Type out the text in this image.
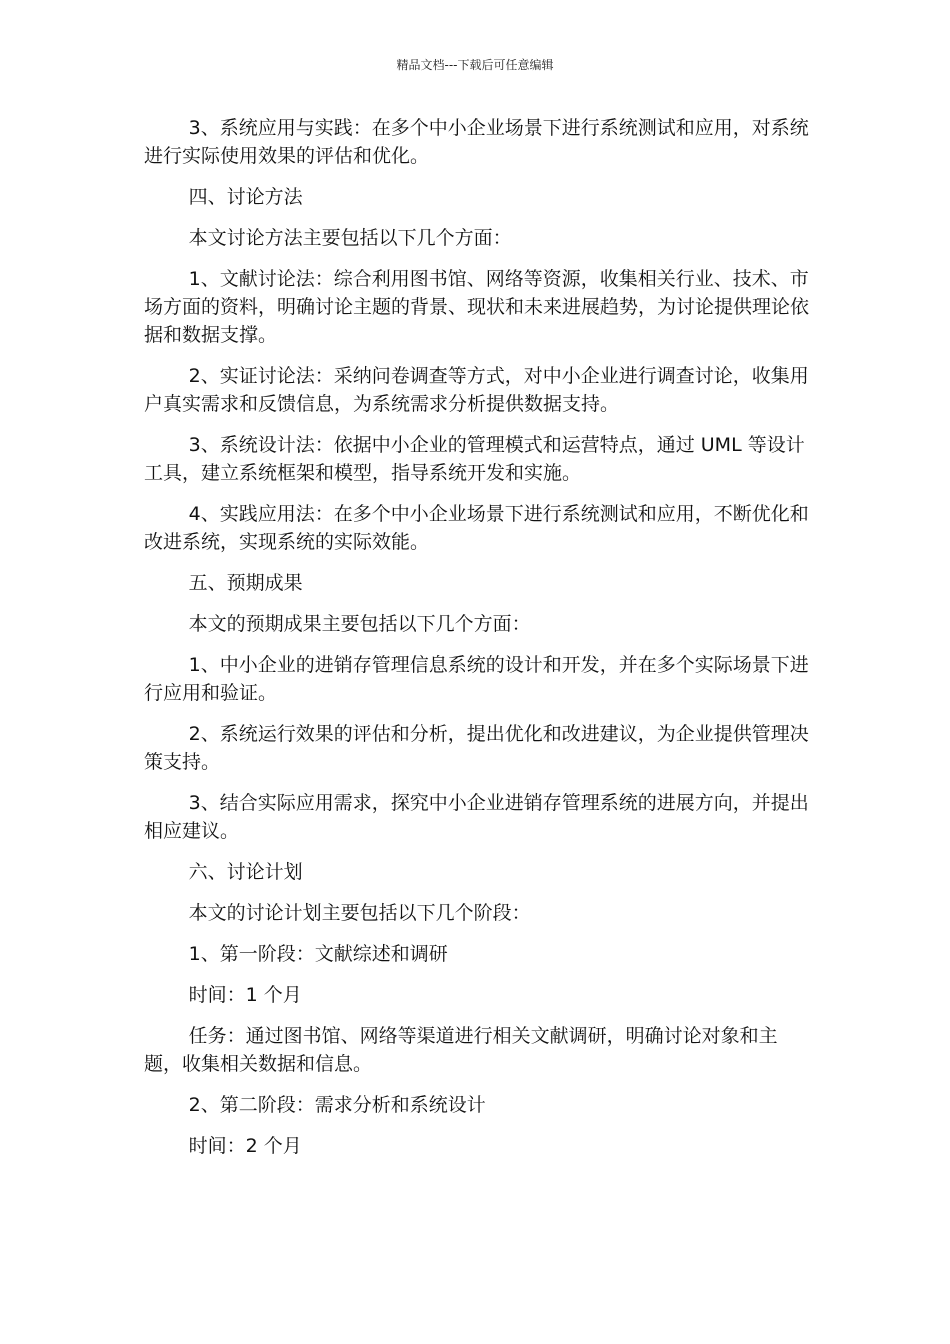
精品文档---下载后可任意编辑

3、系统应用与实践：在多个中小企业场景下进行系统测试和应用，对系统进行实际使用效果的评估和优化。

四、讨论方法

本文讨论方法主要包括以下几个方面：

1、文献讨论法：综合利用图书馆、网络等资源，收集相关行业、技术、市场方面的资料，明确讨论主题的背景、现状和未来进展趋势，为讨论提供理论依据和数据支撑。

2、实证讨论法：采纳问卷调查等方式，对中小企业进行调查讨论，收集用户真实需求和反馈信息，为系统需求分析提供数据支持。

3、系统设计法：依据中小企业的管理模式和运营特点，通过 UML 等设计工具，建立系统框架和模型，指导系统开发和实施。

4、实践应用法：在多个中小企业场景下进行系统测试和应用，不断优化和改进系统，实现系统的实际效能。

五、预期成果

本文的预期成果主要包括以下几个方面：

1、中小企业的进销存管理信息系统的设计和开发，并在多个实际场景下进行应用和验证。

2、系统运行效果的评估和分析，提出优化和改进建议，为企业提供管理决策支持。

3、结合实际应用需求，探究中小企业进销存管理系统的进展方向，并提出相应建议。

六、讨论计划

本文的讨论计划主要包括以下几个阶段：

1、第一阶段：文献综述和调研

时间：1 个月

任务：通过图书馆、网络等渠道进行相关文献调研，明确讨论对象和主题，收集相关数据和信息。

2、第二阶段：需求分析和系统设计

时间：2 个月
